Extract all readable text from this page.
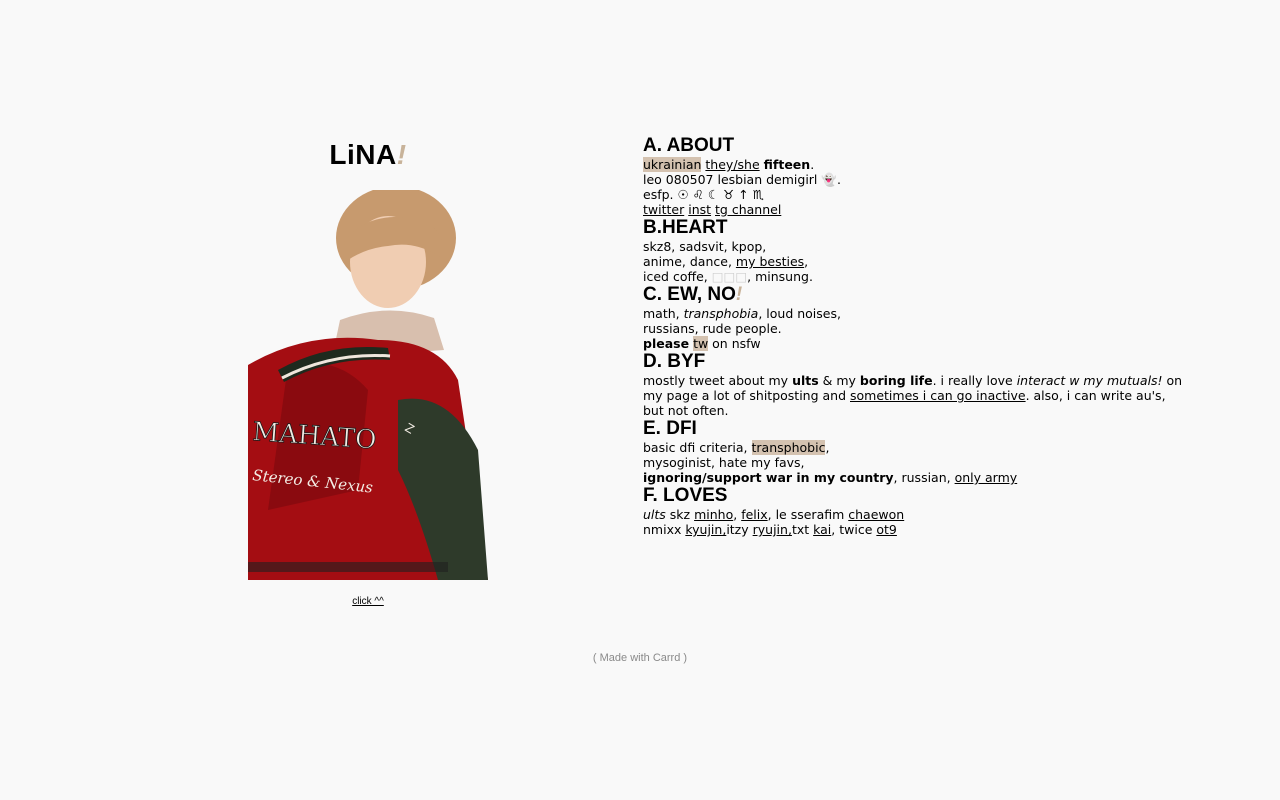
LiNA!
MAHATO
Stereo & Nexus
Z
click ^^
A. ABOUT

ukrainian they/she fifteen.

leo 080507 lesbian demigirl 👻.

esfp. ☉ ♌ ☾ ♉ ↑ ♏

twitter inst tg channel

B.HEART

skz8, sadsvit, kpop,

anime, dance, my besties,

iced coffe, □□□, minsung.

C. EW, NO!

math, transphobia, loud noises,

russians, rude people.

please tw on nsfw

D. BYF

mostly tweet about my ults & my boring life. i really love interact w my mutuals! on my page a lot of shitposting and sometimes i can go inactive. also, i can write au's, but not often.

E. DFI

basic dfi criteria, transphobic,

mysoginist, hate my favs,

ignoring/support war in my country, russian, only army

F. LOVES

ults skz minho, felix, le sserafim chaewon

nmixx kyujin,itzy ryujin,txt kai, twice ot9

( Made with Carrd )
